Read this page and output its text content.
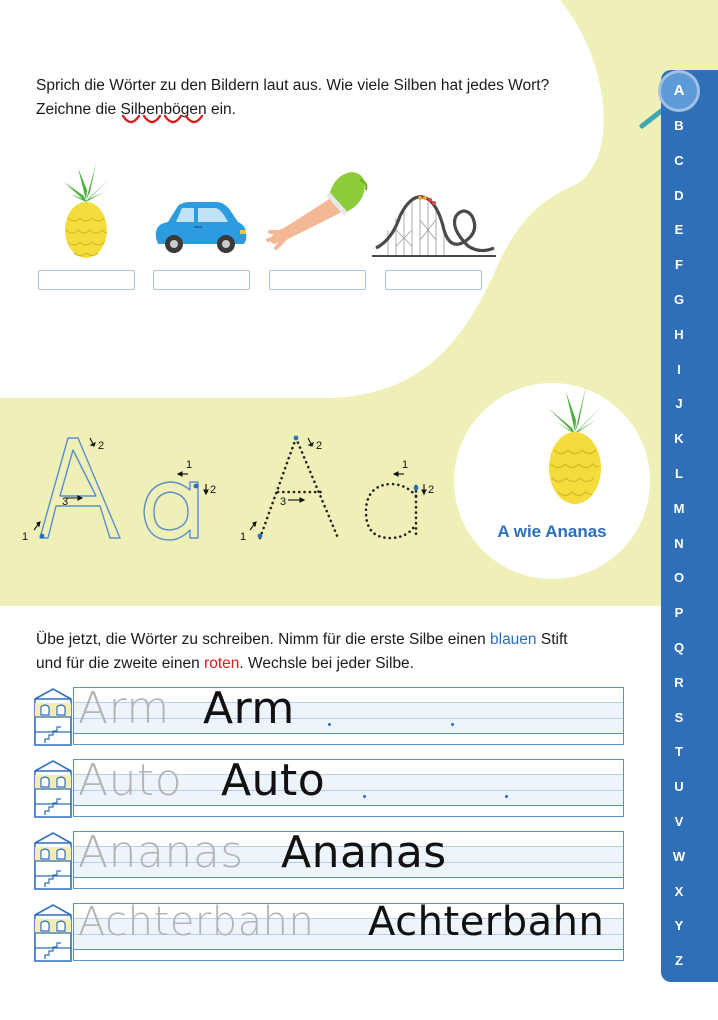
Sprich die Wörter zu den Bildern laut aus. Wie viele Silben hat jedes Wort?

Zeichne die Silbenbögen
ein.

1
2
3
1
2
1
2
3
1
2
A wie Ananas

Übe jetzt, die Wörter zu schreiben. Nimm für die erste Silbe einen blauen Stift

und für die zweite einen roten. Wechsle bei jeder Silbe.

Arm Arm
Auto Auto
Ananas Ananas
Achterbahn Achterbahn
A
B
C
D
E
F
G
H
I
J
K
L
M
N
O
P
Q
R
S
T
U
V
W
X
Y
Z
